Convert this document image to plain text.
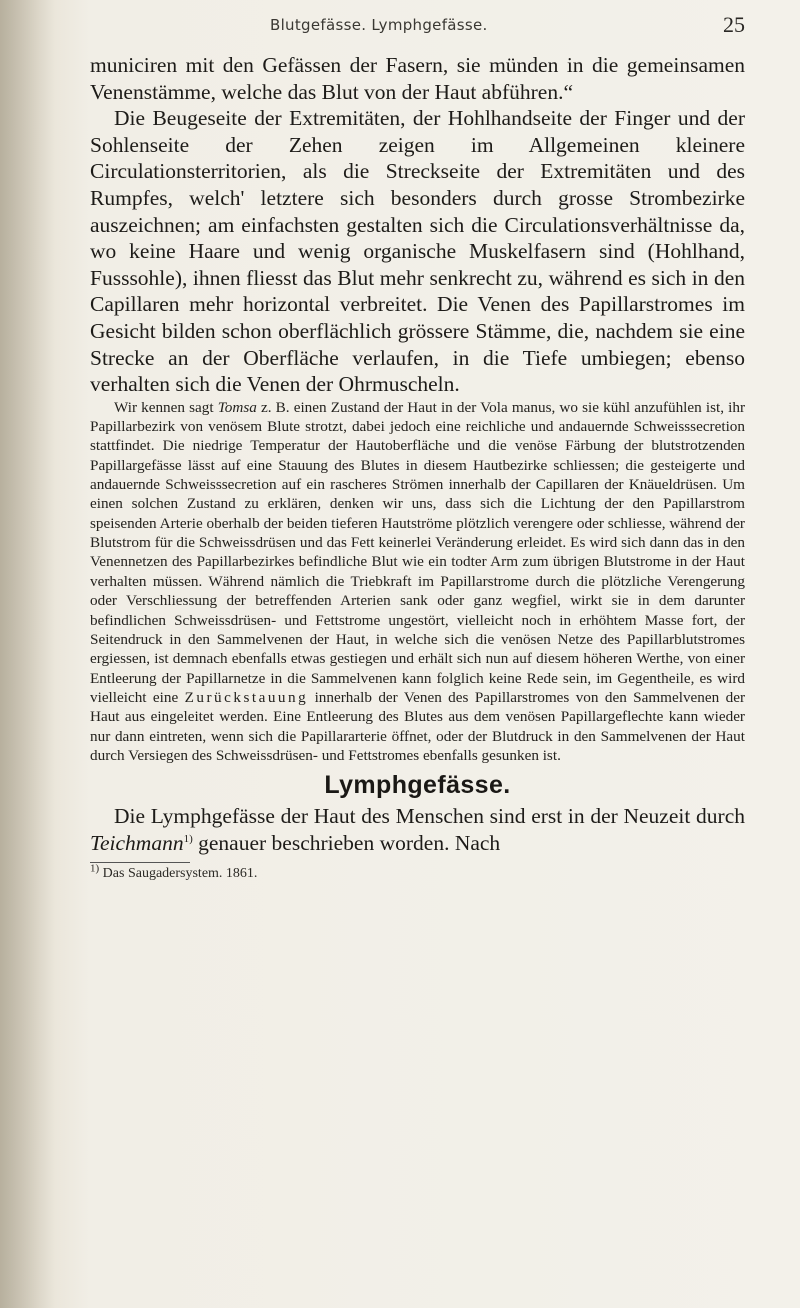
Blutgefässe. Lymphgefässe.	25

municiren mit den Gefässen der Fasern, sie münden in die gemeinsamen Venenstämme, welche das Blut von der Haut abführen.“

Die Beugeseite der Extremitäten, der Hohlhandseite der Finger und der Sohlenseite der Zehen zeigen im Allgemeinen kleinere Circulationsterritorien, als die Streckseite der Extremitäten und des Rumpfes, welch' letztere sich besonders durch grosse Strombezirke auszeichnen; am einfachsten gestalten sich die Circulationsverhältnisse da, wo keine Haare und wenig organische Muskelfasern sind (Hohlhand, Fusssohle), ihnen fliesst das Blut mehr senkrecht zu, während es sich in den Capillaren mehr horizontal verbreitet. Die Venen des Papillarstromes im Gesicht bilden schon oberflächlich grössere Stämme, die, nachdem sie eine Strecke an der Oberfläche verlaufen, in die Tiefe umbiegen; ebenso verhalten sich die Venen der Ohrmuscheln.

Wir kennen sagt Tomsa z. B. einen Zustand der Haut in der Vola manus, wo sie kühl anzufühlen ist, ihr Papillarbezirk von venösem Blute strotzt, dabei jedoch eine reichliche und andauernde Schweisssecretion stattfindet. Die niedrige Temperatur der Hautoberfläche und die venöse Färbung der blutstrotzenden Papillargefässe lässt auf eine Stauung des Blutes in diesem Hautbezirke schliessen; die gesteigerte und andauernde Schweisssecretion auf ein rascheres Strömen innerhalb der Capillaren der Knäueldrüsen. Um einen solchen Zustand zu erklären, denken wir uns, dass sich die Lichtung der den Papillarstrom speisenden Arterie oberhalb der beiden tieferen Hautströme plötzlich verengere oder schliesse, während der Blutstrom für die Schweissdrüsen und das Fett keinerlei Veränderung erleidet. Es wird sich dann das in den Venennetzen des Papillarbezirkes befindliche Blut wie ein todter Arm zum übrigen Blutstrome in der Haut verhalten müssen. Während nämlich die Triebkraft im Papillarstrome durch die plötzliche Verengerung oder Verschliessung der betreffenden Arterien sank oder ganz wegfiel, wirkt sie in dem darunter befindlichen Schweissdrüsen- und Fettstrome ungestört, vielleicht noch in erhöhtem Masse fort, der Seitendruck in den Sammelvenen der Haut, in welche sich die venösen Netze des Papillarblutstromes ergiessen, ist demnach ebenfalls etwas gestiegen und erhält sich nun auf diesem höheren Werthe, von einer Entleerung der Papillarnetze in die Sammelvenen kann folglich keine Rede sein, im Gegentheile, es wird vielleicht eine Zurückstauung innerhalb der Venen des Papillarstromes von den Sammelvenen der Haut aus eingeleitet werden. Eine Entleerung des Blutes aus dem venösen Papillargeflechte kann wieder nur dann eintreten, wenn sich die Papillararterie öffnet, oder der Blutdruck in den Sammelvenen der Haut durch Versiegen des Schweissdrüsen- und Fettstromes ebenfalls gesunken ist.

Lymphgefässe.

Die Lymphgefässe der Haut des Menschen sind erst in der Neuzeit durch Teichmann$^{1)}$ genauer beschrieben worden. Nach

$^{1)}$ Das Saugadersystem. 1861.
